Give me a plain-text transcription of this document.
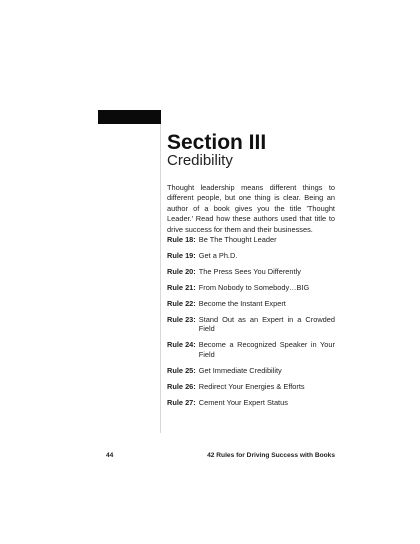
Section III
Credibility

Thought leadership means different things to different people, but one thing is clear. Being an author of a book gives you the title 'Thought Leader.' Read how these authors used that title to drive success for them and their businesses.

Rule 18: Be The Thought Leader
Rule 19: Get a Ph.D.
Rule 20: The Press Sees You Differently
Rule 21: From Nobody to Somebody…BIG
Rule 22: Become the Instant Expert
Rule 23: Stand Out as an Expert in a Crowded Field
Rule 24: Become a Recognized Speaker in Your Field
Rule 25: Get Immediate Credibility
Rule 26: Redirect Your Energies & Efforts
Rule 27: Cement Your Expert Status
44	42 Rules for Driving Success with Books
